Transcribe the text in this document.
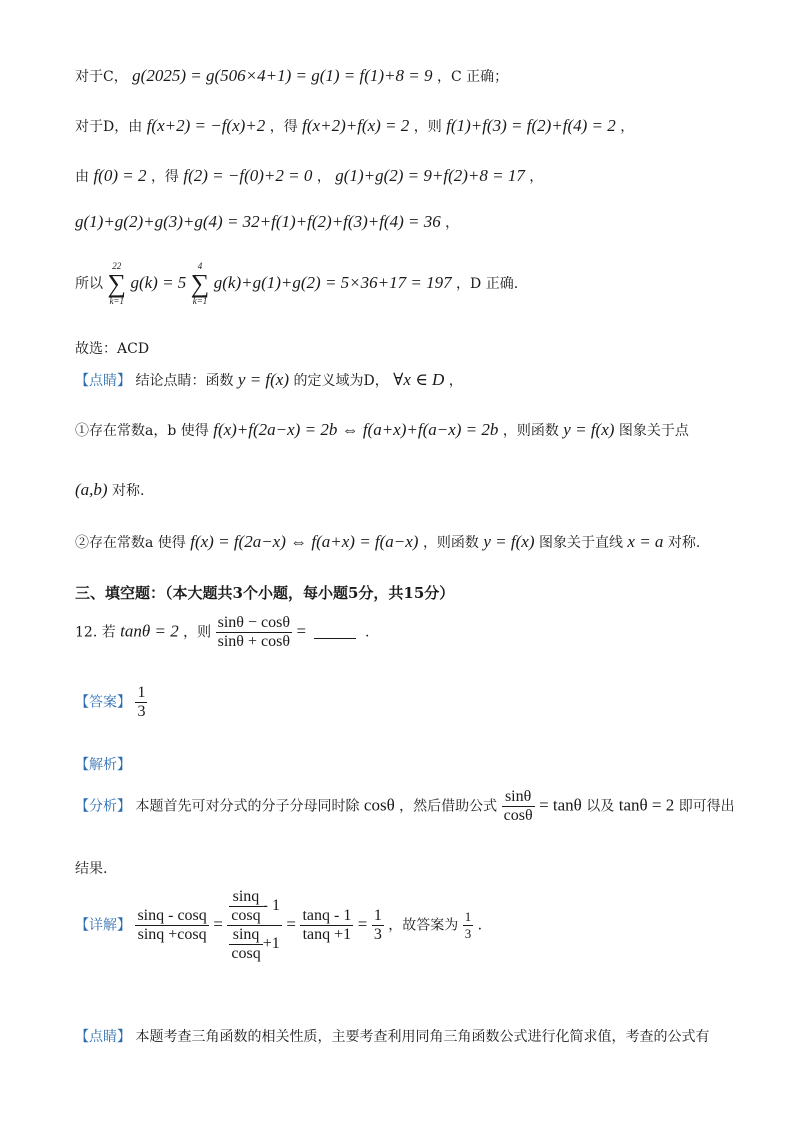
对于C， g(2025) = g(506×4+1) = g(1) = f(1)+8 = 9 ，C 正确；
对于D，由 f(x+2) = −f(x)+2 ，得 f(x+2)+f(x) = 2 ，则 f(1)+f(3) = f(2)+f(4) = 2 ，
由 f(0) = 2 ，得 f(2) = −f(0)+2 = 0 ， g(1)+g(2) = 9+f(2)+8 = 17 ，
g(1)+g(2)+g(3)+g(4) = 32+f(1)+f(2)+f(3)+f(4) = 36 ，
所以
22
∑
k=1
g(k) = 5
4
∑
k=1
g(k)+g(1)+g(2) = 5×36+17 = 197 ，D 正确.
故选：ACD
【点睛】 结论点睛：函数 y = f(x) 的定义域为D， ∀x ∈ D ，
①存在常数a，b 使得 f(x)+f(2a−x) = 2b ⇔ f(a+x)+f(a−x) = 2b ，则函数 y = f(x) 图象关于点
(a,b) 对称.
②存在常数a 使得 f(x) = f(2a−x) ⇔ f(a+x) = f(a−x) ，则函数 y = f(x) 图象关于直线 x = a 对称.
三、填空题：（本大题共3个小题，每小题5分，共15分）
12. 若 tanθ = 2 ，则 $\frac{\sin\theta - \cos\theta}{\sin\theta + \cos\theta}$ =	.
【答案】 $\frac{1}{3}$
【解析】
【分析】 本题首先可对分式的分子分母同时除 cosθ ，然后借助公式 $\frac{\sin\theta}{\cos\theta} = \tan\theta$ 以及 tanθ = 2 即可得出
结果.
【详解】 $\frac{\sin q - \cos q}{\sin q +\cos q} = \frac{\frac{\sin q}{\cos q} - 1}{\frac{\sin q}{\cos q} +1} = \frac{\tan q - 1}{\tan q +1} = \frac{1}{3}$ ，故答案为 $\frac{1}{3}$ .
【点睛】 本题考查三角函数的相关性质，主要考查利用同角三角函数公式进行化简求值，考查的公式有
